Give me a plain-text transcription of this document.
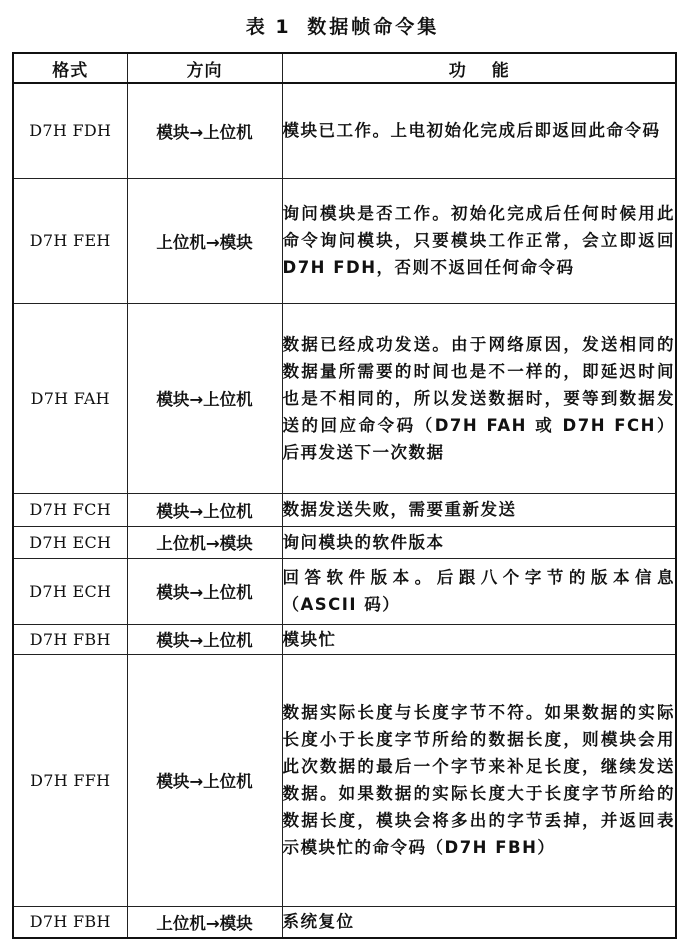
表 1 数据帧命令集
格式	方向	功能
D7H FDH	模块→上位机	模块已工作。上电初始化完成后即返回此命令码
D7H FEH	上位机→模块	询问模块是否工作。初始化完成后任何时候用此命令询问模块，只要模块工作正常，会立即返回 D7H FDH，否则不返回任何命令码
D7H FAH	模块→上位机	数据已经成功发送。由于网络原因，发送相同的数据量所需要的时间也是不一样的，即延迟时间也是不相同的，所以发送数据时，要等到数据发送的回应命令码（D7H FAH 或 D7H FCH）后再发送下一次数据
D7H FCH	模块→上位机	数据发送失败，需要重新发送
D7H ECH	上位机→模块	询问模块的软件版本
D7H ECH	模块→上位机	回答软件版本。后跟八个字节的版本信息（ASCII 码）
D7H FBH	模块→上位机	模块忙
D7H FFH	模块→上位机	数据实际长度与长度字节不符。如果数据的实际长度小于长度字节所给的数据长度，则模块会用此次数据的最后一个字节来补足长度，继续发送数据。如果数据的实际长度大于长度字节所给的数据长度，模块会将多出的字节丢掉，并返回表示模块忙的命令码（D7H FBH）
D7H FBH	上位机→模块	系统复位
